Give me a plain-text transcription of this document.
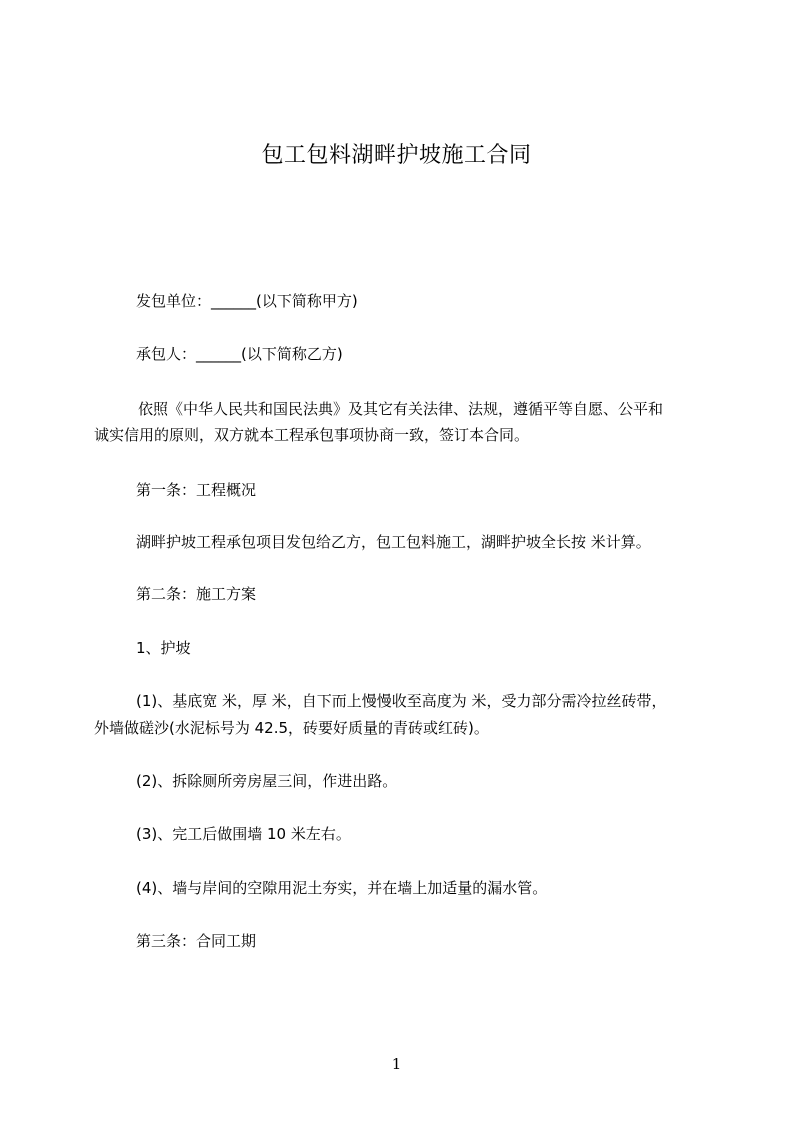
包工包料湖畔护坡施工合同
发包单位：______(以下简称甲方)
承包人：______(以下简称乙方)
依照《中华人民共和国民法典》及其它有关法律、法规，遵循平等自愿、公平和
诚实信用的原则，双方就本工程承包事项协商一致，签订本合同。
第一条：工程概况
湖畔护坡工程承包项目发包给乙方，包工包料施工，湖畔护坡全长按 米计算。
第二条：施工方案
1、护坡
(1)、基底宽 米，厚 米，自下而上慢慢收至高度为 米，受力部分需冷拉丝砖带，
外墙做磋沙(水泥标号为 42.5，砖要好质量的青砖或红砖)。
(2)、拆除厕所旁房屋三间，作进出路。
(3)、完工后做围墙 10 米左右。
(4)、墙与岸间的空隙用泥土夯实，并在墙上加适量的漏水管。
第三条：合同工期
1
